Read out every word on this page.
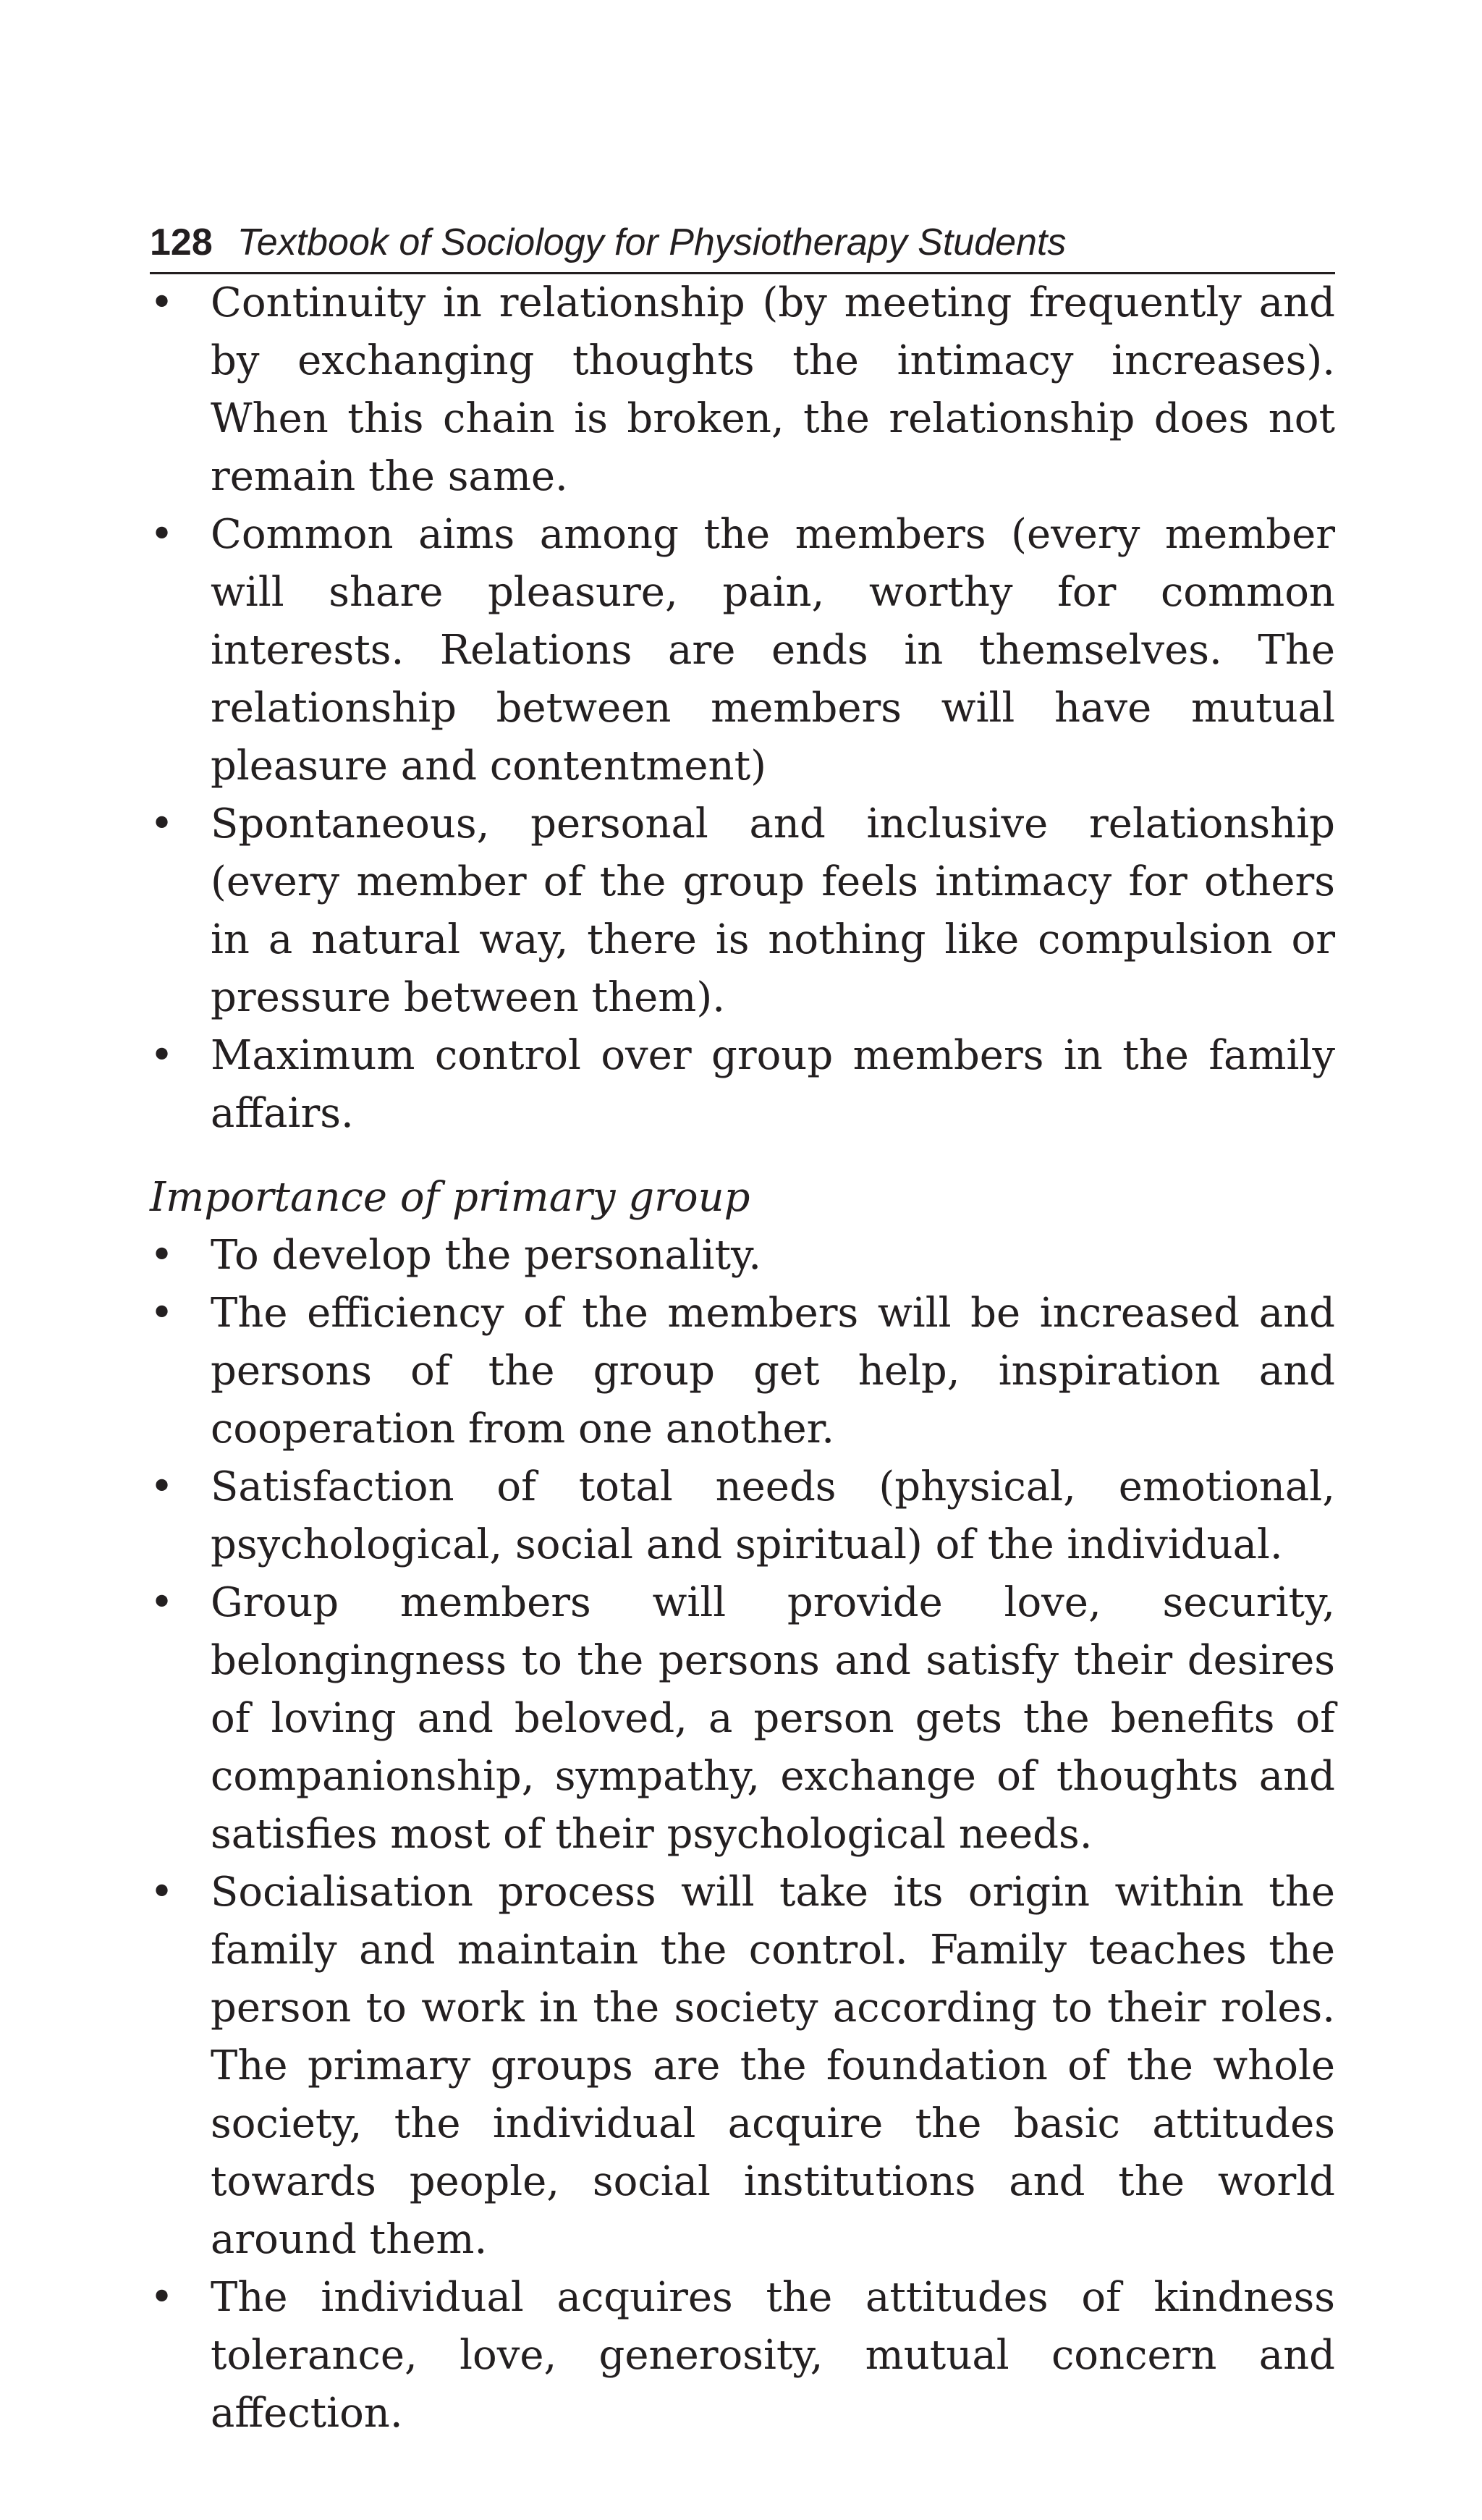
128 Textbook of Sociology for Physiotherapy Students
• Continuity in relationship (by meeting frequently and by exchanging thoughts the intimacy increases). When this chain is broken, the relationship does not remain the same.
• Common aims among the members (every member will share pleasure, pain, worthy for common interests. Relations are ends in themselves. The relationship between members will have mutual pleasure and contentment)
• Spontaneous, personal and inclusive relationship (every member of the group feels intimacy for others in a natural way, there is nothing like compulsion or pressure between them).
• Maximum control over group members in the family affairs.
Importance of primary group
• To develop the personality.
• The efficiency of the members will be increased and persons of the group get help, inspiration and cooperation from one another.
• Satisfaction of total needs (physical, emotional, psychological, social and spiritual) of the individual.
• Group members will provide love, security, belongingness to the persons and satisfy their desires of loving and beloved, a person gets the benefits of companionship, sympathy, exchange of thoughts and satisfies most of their psychological needs.
• Socialisation process will take its origin within the family and maintain the control. Family teaches the person to work in the society according to their roles. The primary groups are the foundation of the whole society, the individual acquire the basic attitudes towards people, social institutions and the world around them.
• The individual acquires the attitudes of kindness tolerance, love, generosity, mutual concern and affection.
